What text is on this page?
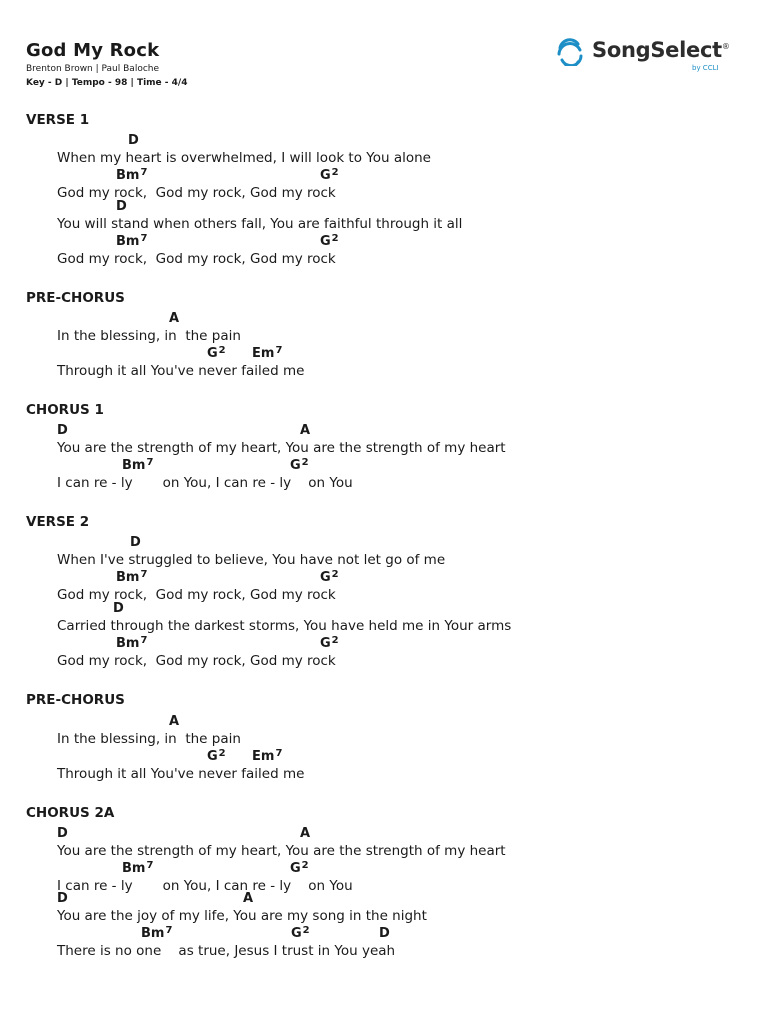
God My Rock
Brenton Brown | Paul Baloche
Key - D | Tempo - 98 | Time - 4/4
SongSelect®
by CCLI
VERSE 1
D
When my heart is overwhelmed, I will look to You alone
Bm$^7$	$G^2$
God my rock,  God my rock, God my rock
D
You will stand when others fall, You are faithful through it all
Bm$^7$	$G^2$
God my rock,  God my rock, God my rock
PRE-CHORUS
A
In the blessing, in  the pain
$G^2$ Em$^7$
Through it all You've never failed me
CHORUS 1
D	A
You are the strength of my heart, You are the strength of my heart
Bm$^7$	$G^2$
I can re - ly       on You, I can re - ly    on You
VERSE 2
D
When I've struggled to believe, You have not let go of me
Bm$^7$	$G^2$
God my rock,  God my rock, God my rock
D
Carried through the darkest storms, You have held me in Your arms
Bm$^7$	$G^2$
God my rock,  God my rock, God my rock
PRE-CHORUS
A
In the blessing, in  the pain
$G^2$ Em$^7$
Through it all You've never failed me
CHORUS 2A
D	A
You are the strength of my heart, You are the strength of my heart
Bm$^7$	$G^2$
I can re - ly       on You, I can re - ly    on You
D	A
You are the joy of my life, You are my song in the night
Bm$^7$	$G^2$	D
There is no one    as true, Jesus I trust in You yeah
